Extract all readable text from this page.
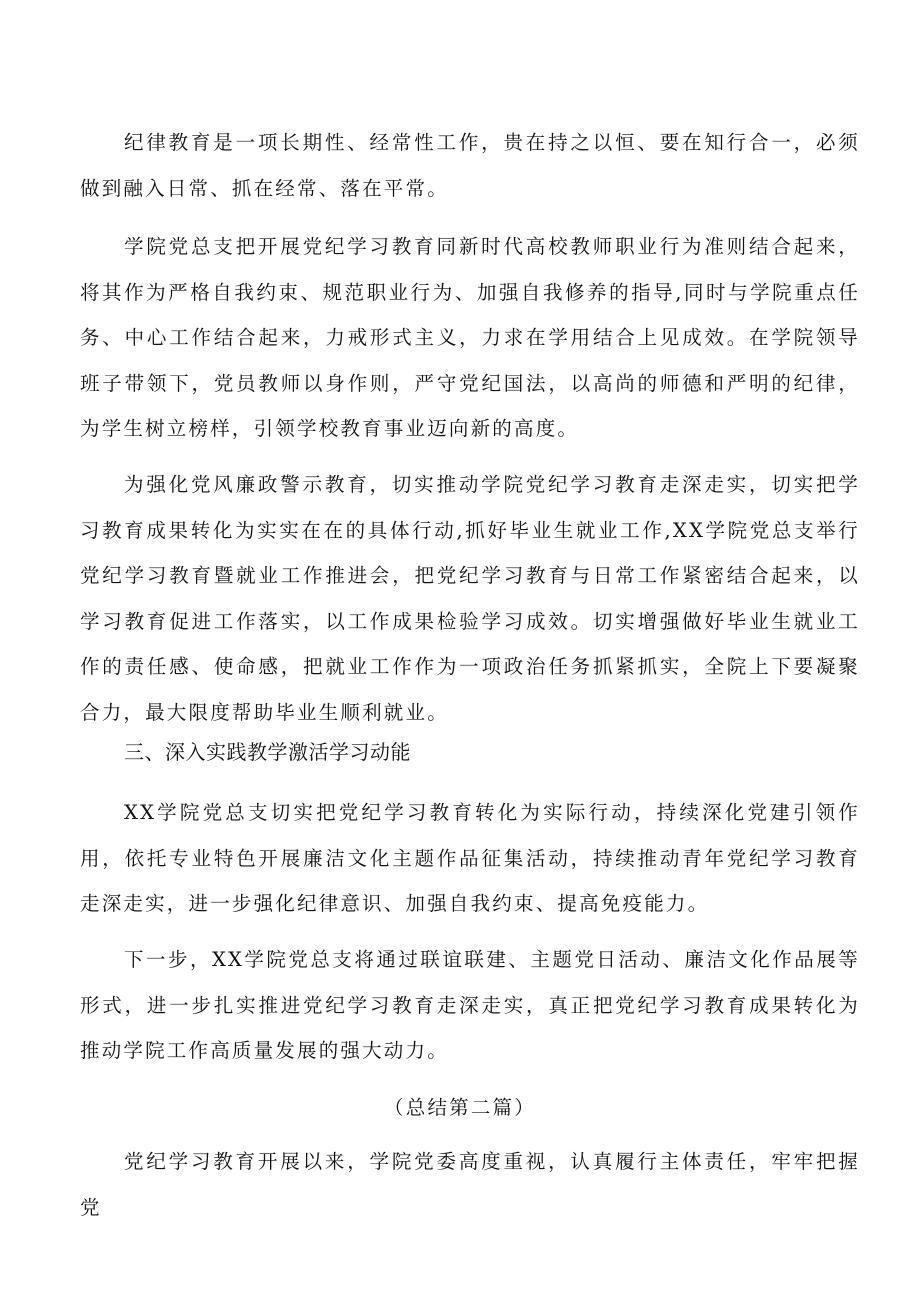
纪律教育是一项长期性、经常性工作，贵在持之以恒、要在知行合一，必须做到融入日常、抓在经常、落在平常。

学院党总支把开展党纪学习教育同新时代高校教师职业行为准则结合起来，将其作为严格自我约束、规范职业行为、加强自我修养的指导,同时与学院重点任务、中心工作结合起来，力戒形式主义，力求在学用结合上见成效。在学院领导班子带领下，党员教师以身作则，严守党纪国法，以高尚的师德和严明的纪律，为学生树立榜样，引领学校教育事业迈向新的高度。

为强化党风廉政警示教育，切实推动学院党纪学习教育走深走实，切实把学习教育成果转化为实实在在的具体行动,抓好毕业生就业工作,XX学院党总支举行党纪学习教育暨就业工作推进会，把党纪学习教育与日常工作紧密结合起来，以学习教育促进工作落实，以工作成果检验学习成效。切实增强做好毕业生就业工作的责任感、使命感，把就业工作作为一项政治任务抓紧抓实，全院上下要凝聚合力，最大限度帮助毕业生顺利就业。

三、深入实践教学激活学习动能

XX学院党总支切实把党纪学习教育转化为实际行动，持续深化党建引领作用，依托专业特色开展廉洁文化主题作品征集活动，持续推动青年党纪学习教育走深走实，进一步强化纪律意识、加强自我约束、提高免疫能力。

下一步，XX学院党总支将通过联谊联建、主题党日活动、廉洁文化作品展等形式，进一步扎实推进党纪学习教育走深走实，真正把党纪学习教育成果转化为推动学院工作高质量发展的强大动力。

（总结第二篇）

党纪学习教育开展以来，学院党委高度重视，认真履行主体责任，牢牢把握党
